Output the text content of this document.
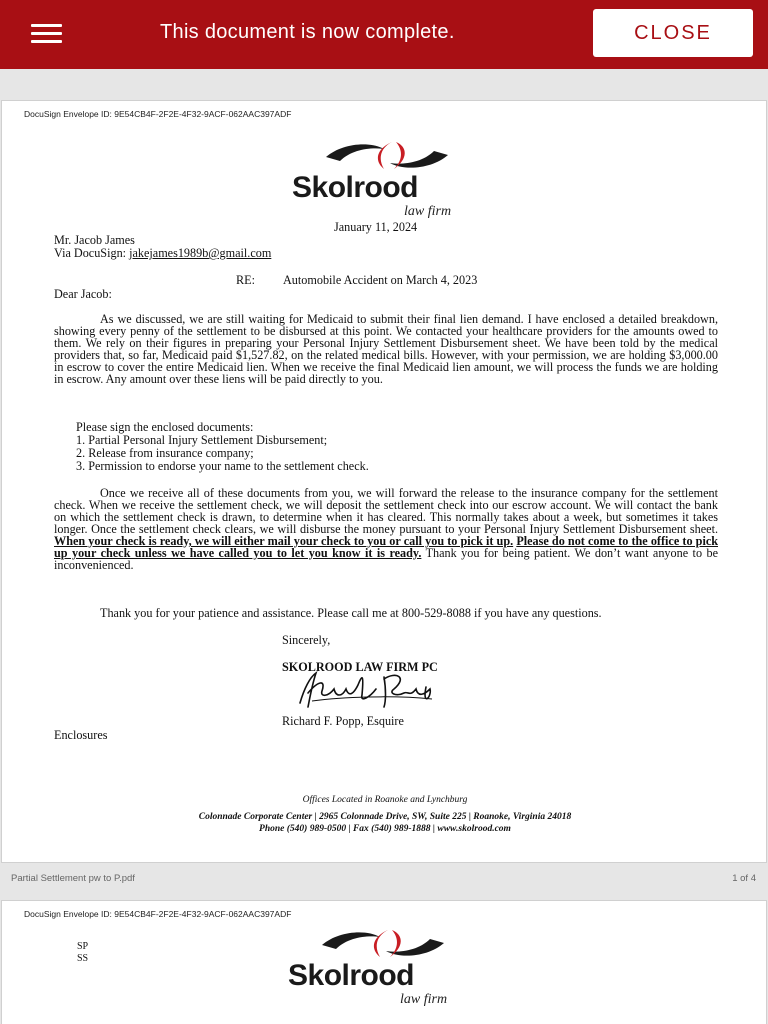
This document is now complete.	CLOSE
DocuSign Envelope ID: 9E54CB4F-2F2E-4F32-9ACF-062AAC397ADF
Skolrood
law firm
January 11, 2024
Mr. Jacob James
Via DocuSign: jakejames1989b@gmail.com
RE: Automobile Accident on March 4, 2023
Dear Jacob:

As we discussed, we are still waiting for Medicaid to submit their final lien demand. I have enclosed a detailed breakdown, showing every penny of the settlement to be disbursed at this point. We contacted your healthcare providers for the amounts owed to them. We rely on their figures in preparing your Personal Injury Settlement Disbursement sheet. We have been told by the medical providers that, so far, Medicaid paid $1,527.82, on the related medical bills. However, with your permission, we are holding $3,000.00 in escrow to cover the entire Medicaid lien. When we receive the final Medicaid lien amount, we will process the funds we are holding in escrow. Any amount over these liens will be paid directly to you.

Please sign the enclosed documents:
1. Partial Personal Injury Settlement Disbursement;
2. Release from insurance company;
3. Permission to endorse your name to the settlement check.

Once we receive all of these documents from you, we will forward the release to the insurance company for the settlement check. When we receive the settlement check, we will deposit the settlement check into our escrow account. We will contact the bank on which the settlement check is drawn, to determine when it has cleared. This normally takes about a week, but sometimes it takes longer. Once the settlement check clears, we will disburse the money pursuant to your Personal Injury Settlement Disbursement sheet. When your check is ready, we will either mail your check to you or call you to pick it up. Please do not come to the office to pick up your check unless we have called you to let you know it is ready. Thank you for being patient. We don’t want anyone to be inconvenienced.

Thank you for your patience and assistance. Please call me at 800-529-8088 if you have any questions.
Sincerely,
SKOLROOD LAW FIRM PC
Richard F. Popp, Esquire
Enclosures
Offices Located in Roanoke and Lynchburg
Colonnade Corporate Center | 2965 Colonnade Drive, SW, Suite 225 | Roanoke, Virginia 24018
Phone (540) 989-0500 | Fax (540) 989-1888 | www.skolrood.com
Partial Settlement pw to P.pdf	1 of 4
DocuSign Envelope ID: 9E54CB4F-2F2E-4F32-9ACF-062AAC397ADF
SP
SS
Skolrood
law firm
